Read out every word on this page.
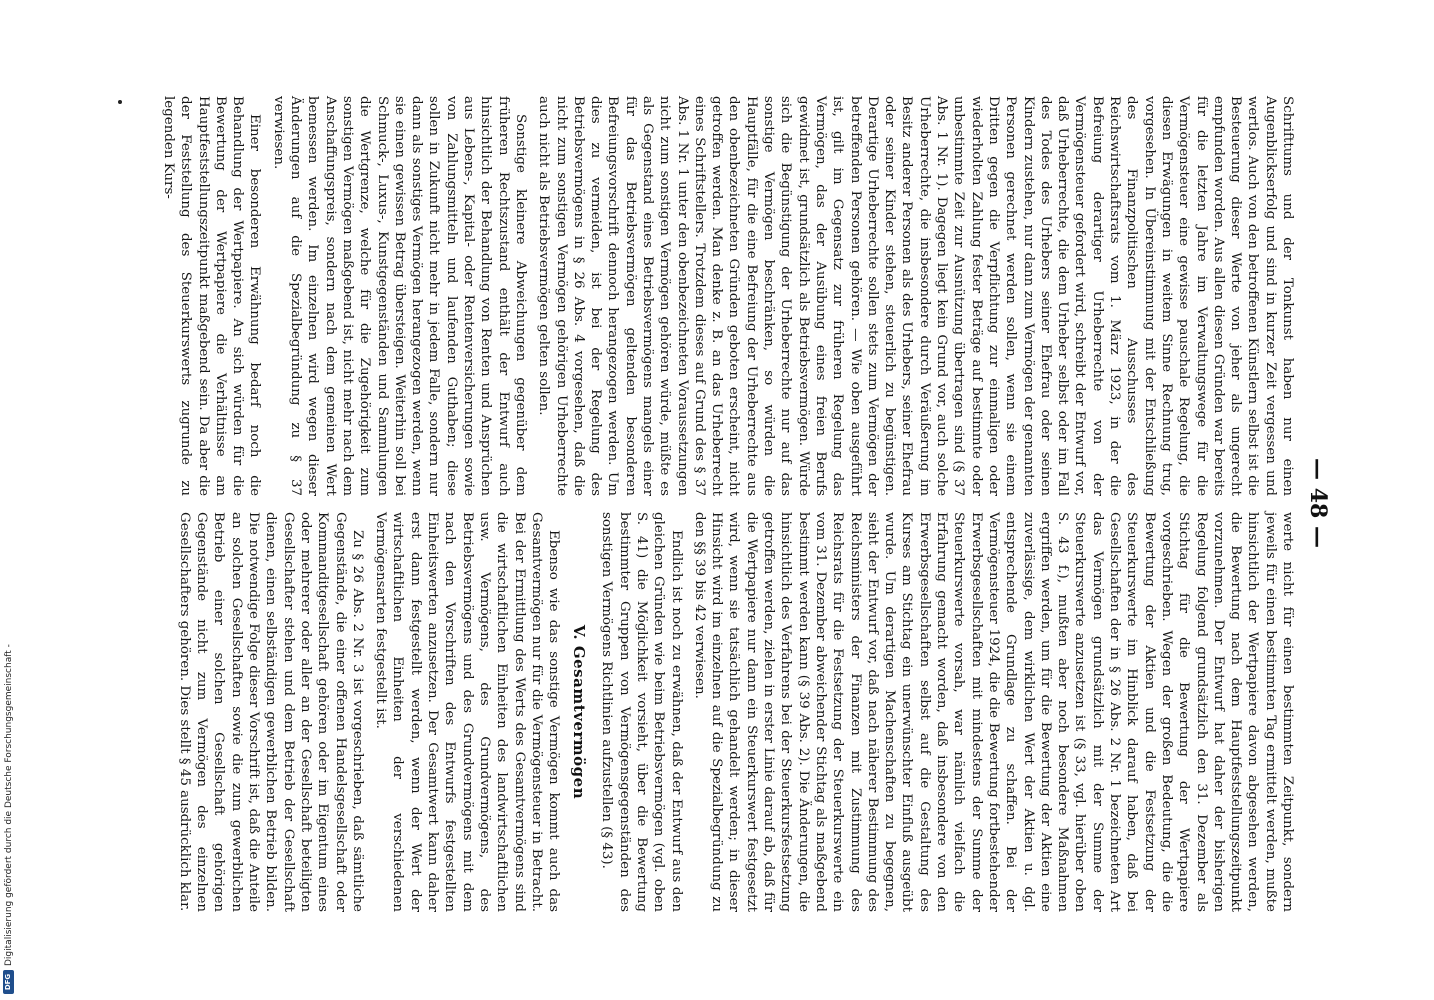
— 48 —

Schrifttums und der Tonkunst haben nur einen Augenblickserfolg und sind in kurzer Zeit vergessen und wertlos. Auch von den betroffenen Künstlern selbst ist die Besteuerung dieser Werte von jeher als ungerecht empfunden worden. Aus allen diesen Gründen war bereits für die letzten Jahre im Verwaltungswege für die Vermögensteuer eine gewisse pauschale Regelung, die diesen Erwägungen in weitem Sinne Rechnung trug, vorgesehen. In Übereinstimmung mit der Entschließung des Finanzpolitischen Ausschusses des Reichswirtschaftsrats vom 1. März 1923, in der die Befreiung derartiger Urheberrechte von der Vermögensteuer gefordert wird, schreibt der Entwurf vor, daß Urheberrechte, die dem Urheber selbst oder im Fall des Todes des Urhebers seiner Ehefrau oder seinen Kindern zustehen, nur dann zum Vermögen der genannten Personen gerechnet werden sollen, wenn sie einem Dritten gegen die Verpflichtung zur einmaligen oder wiederholten Zahlung fester Beträge auf bestimmte oder unbestimmte Zeit zur Ausnützung übertragen sind (§ 37 Abs. 1 Nr. 1). Dagegen liegt kein Grund vor, auch solche Urheberrechte, die insbesondere durch Veräußerung im Besitz anderer Personen als des Urhebers, seiner Ehefrau oder seiner Kinder stehen, steuerlich zu begünstigen. Derartige Urheberrechte sollen stets zum Vermögen der betreffenden Personen gehören. — Wie oben ausgeführt ist, gilt im Gegensatz zur früheren Regelung das Vermögen, das der Ausübung eines freien Berufs gewidmet ist, grundsätzlich als Betriebsvermögen. Würde sich die Begünstigung der Urheberrechte nur auf das sonstige Vermögen beschränken, so würden die Hauptfälle, für die eine Befreiung der Urheberrechte aus den obenbezeichneten Gründen geboten erscheint, nicht getroffen werden. Man denke z. B. an das Urheberrecht eines Schriftstellers. Trotzdem dieses auf Grund des § 37 Abs. 1 Nr. 1 unter den obenbezeichneten Voraussetzungen nicht zum sonstigen Vermögen gehören würde, müßte es als Gegenstand eines Betriebsvermögens mangels einer für das Betriebsvermögen geltenden besonderen Befreiungsvorschrift dennoch herangezogen werden. Um dies zu vermeiden, ist bei der Regelung des Betriebsvermögens in § 26 Abs. 4 vorgesehen, daß die nicht zum sonstigen Vermögen gehörigen Urheberrechte auch nicht als Betriebsvermögen gelten sollen.

Sonstige kleinere Abweichungen gegenüber dem früheren Rechtszustand enthält der Entwurf auch hinsichtlich der Behandlung von Renten und Ansprüchen aus Lebens-, Kapital- oder Rentenversicherungen sowie von Zahlungsmitteln und laufenden Guthaben; diese sollen in Zukunft nicht mehr in jedem Falle, sondern nur dann als sonstiges Vermögen herangezogen werden, wenn sie einen gewissen Betrag übersteigen. Weiterhin soll bei Schmuck-, Luxus-, Kunstgegenständen und Sammlungen die Wertgrenze, welche für die Zugehörigkeit zum sonstigen Vermögen maßgebend ist, nicht mehr nach dem Anschaffungspreis, sondern nach dem gemeinen Wert bemessen werden. Im einzelnen wird wegen dieser Änderungen auf die Spezialbegründung zu § 37 verwiesen.

Einer besonderen Erwähnung bedarf noch die Behandlung der Wertpapiere. An sich würden für die Bewertung der Wertpapiere die Verhältnisse am Hauptfeststellungszeitpunkt maßgebend sein. Da aber die der Feststellung des Steuerkurswerts zugrunde zu legenden Kurs-

werte nicht für einen bestimmten Zeitpunkt, sondern jeweils für einen bestimmten Tag ermittelt werden, mußte hinsichtlich der Wertpapiere davon abgesehen werden, die Bewertung nach dem Hauptfeststellungszeitpunkt vorzunehmen. Der Entwurf hat daher der bisherigen Regelung folgend grundsätzlich den 31. Dezember als Stichtag für die Bewertung der Wertpapiere vorgeschrieben. Wegen der großen Bedeutung, die die Bewertung der Aktien und die Festsetzung der Steuerkurswerte im Hinblick darauf haben, daß bei Gesellschaften der in § 26 Abs. 2 Nr. 1 bezeichneten Art das Vermögen grundsätzlich mit der Summe der Steuerkurswerte anzusetzen ist (§ 33, vgl. hierüber oben S. 43 f.), mußten aber noch besondere Maßnahmen ergriffen werden, um für die Bewertung der Aktien eine zuverlässige, dem wirklichen Wert der Aktien u. dgl. entsprechende Grundlage zu schaffen. Bei der Vermögensteuer 1924, die die Bewertung fortbestehender Erwerbsgesellschaften mit mindestens der Summe der Steuerkurswerte vorsah, war nämlich vielfach die Erfahrung gemacht worden, daß insbesondere von den Erwerbsgesellschaften selbst auf die Gestaltung des Kurses am Stichtag ein unerwünschter Einfluß ausgeübt wurde. Um derartigen Machenschaften zu begegnen, sieht der Entwurf vor, daß nach näherer Bestimmung des Reichsministers der Finanzen mit Zustimmung des Reichsrats für die Festsetzung der Steuerkurswerte ein vom 31. Dezember abweichender Stichtag als maßgebend bestimmt werden kann (§ 39 Abs. 2). Die Änderungen, die hinsichtlich des Verfahrens bei der Steuerkursfestsetzung getroffen werden, zielen in erster Linie darauf ab, daß für die Wertpapiere nur dann ein Steuerkurswert festgesetzt wird, wenn sie tatsächlich gehandelt werden; in dieser Hinsicht wird im einzelnen auf die Spezialbegründung zu den §§ 39 bis 42 verwiesen.

Endlich ist noch zu erwähnen, daß der Entwurf aus den gleichen Gründen wie beim Betriebsvermögen (vgl. oben S. 41) die Möglichkeit vorsieht, über die Bewertung bestimmter Gruppen von Vermögensgegenständen des sonstigen Vermögens Richtlinien aufzustellen (§ 43).

V. Gesamtvermögen

Ebenso wie das sonstige Vermögen kommt auch das Gesamtvermögen nur für die Vermögensteuer in Betracht. Bei der Ermittlung des Werts des Gesamtvermögens sind die wirtschaftlichen Einheiten des landwirtschaftlichen usw. Vermögens, des Grundvermögens, des Betriebsvermögens und des Grundvermögens mit dem nach den Vorschriften des Entwurfs festgestellten Einheitswerten anzusetzen. Der Gesamtwert kann daher erst dann festgestellt werden, wenn der Wert der wirtschaftlichen Einheiten der verschiedenen Vermögensarten festgestellt ist.

Zu § 26 Abs. 2 Nr. 3 ist vorgeschrieben, daß sämtliche Gegenstände, die einer offenen Handelsgesellschaft oder Kommanditgesellschaft gehören oder im Eigentum eines oder mehrerer oder aller an der Gesellschaft beteiligten Gesellschafter stehen und dem Betrieb der Gesellschaft dienen, einen selbständigen gewerblichen Betrieb bilden. Die notwendige Folge dieser Vorschrift ist, daß die Anteile an solchen Gesellschaften sowie die zum gewerblichen Betrieb einer solchen Gesellschaft gehörigen Gegenstände nicht zum Vermögen des einzelnen Gesellschafters gehören. Dies stellt § 45 ausdrücklich klar.

DFG
Digitalisierung gefördert durch die Deutsche Forschungsgemeinschaft -
